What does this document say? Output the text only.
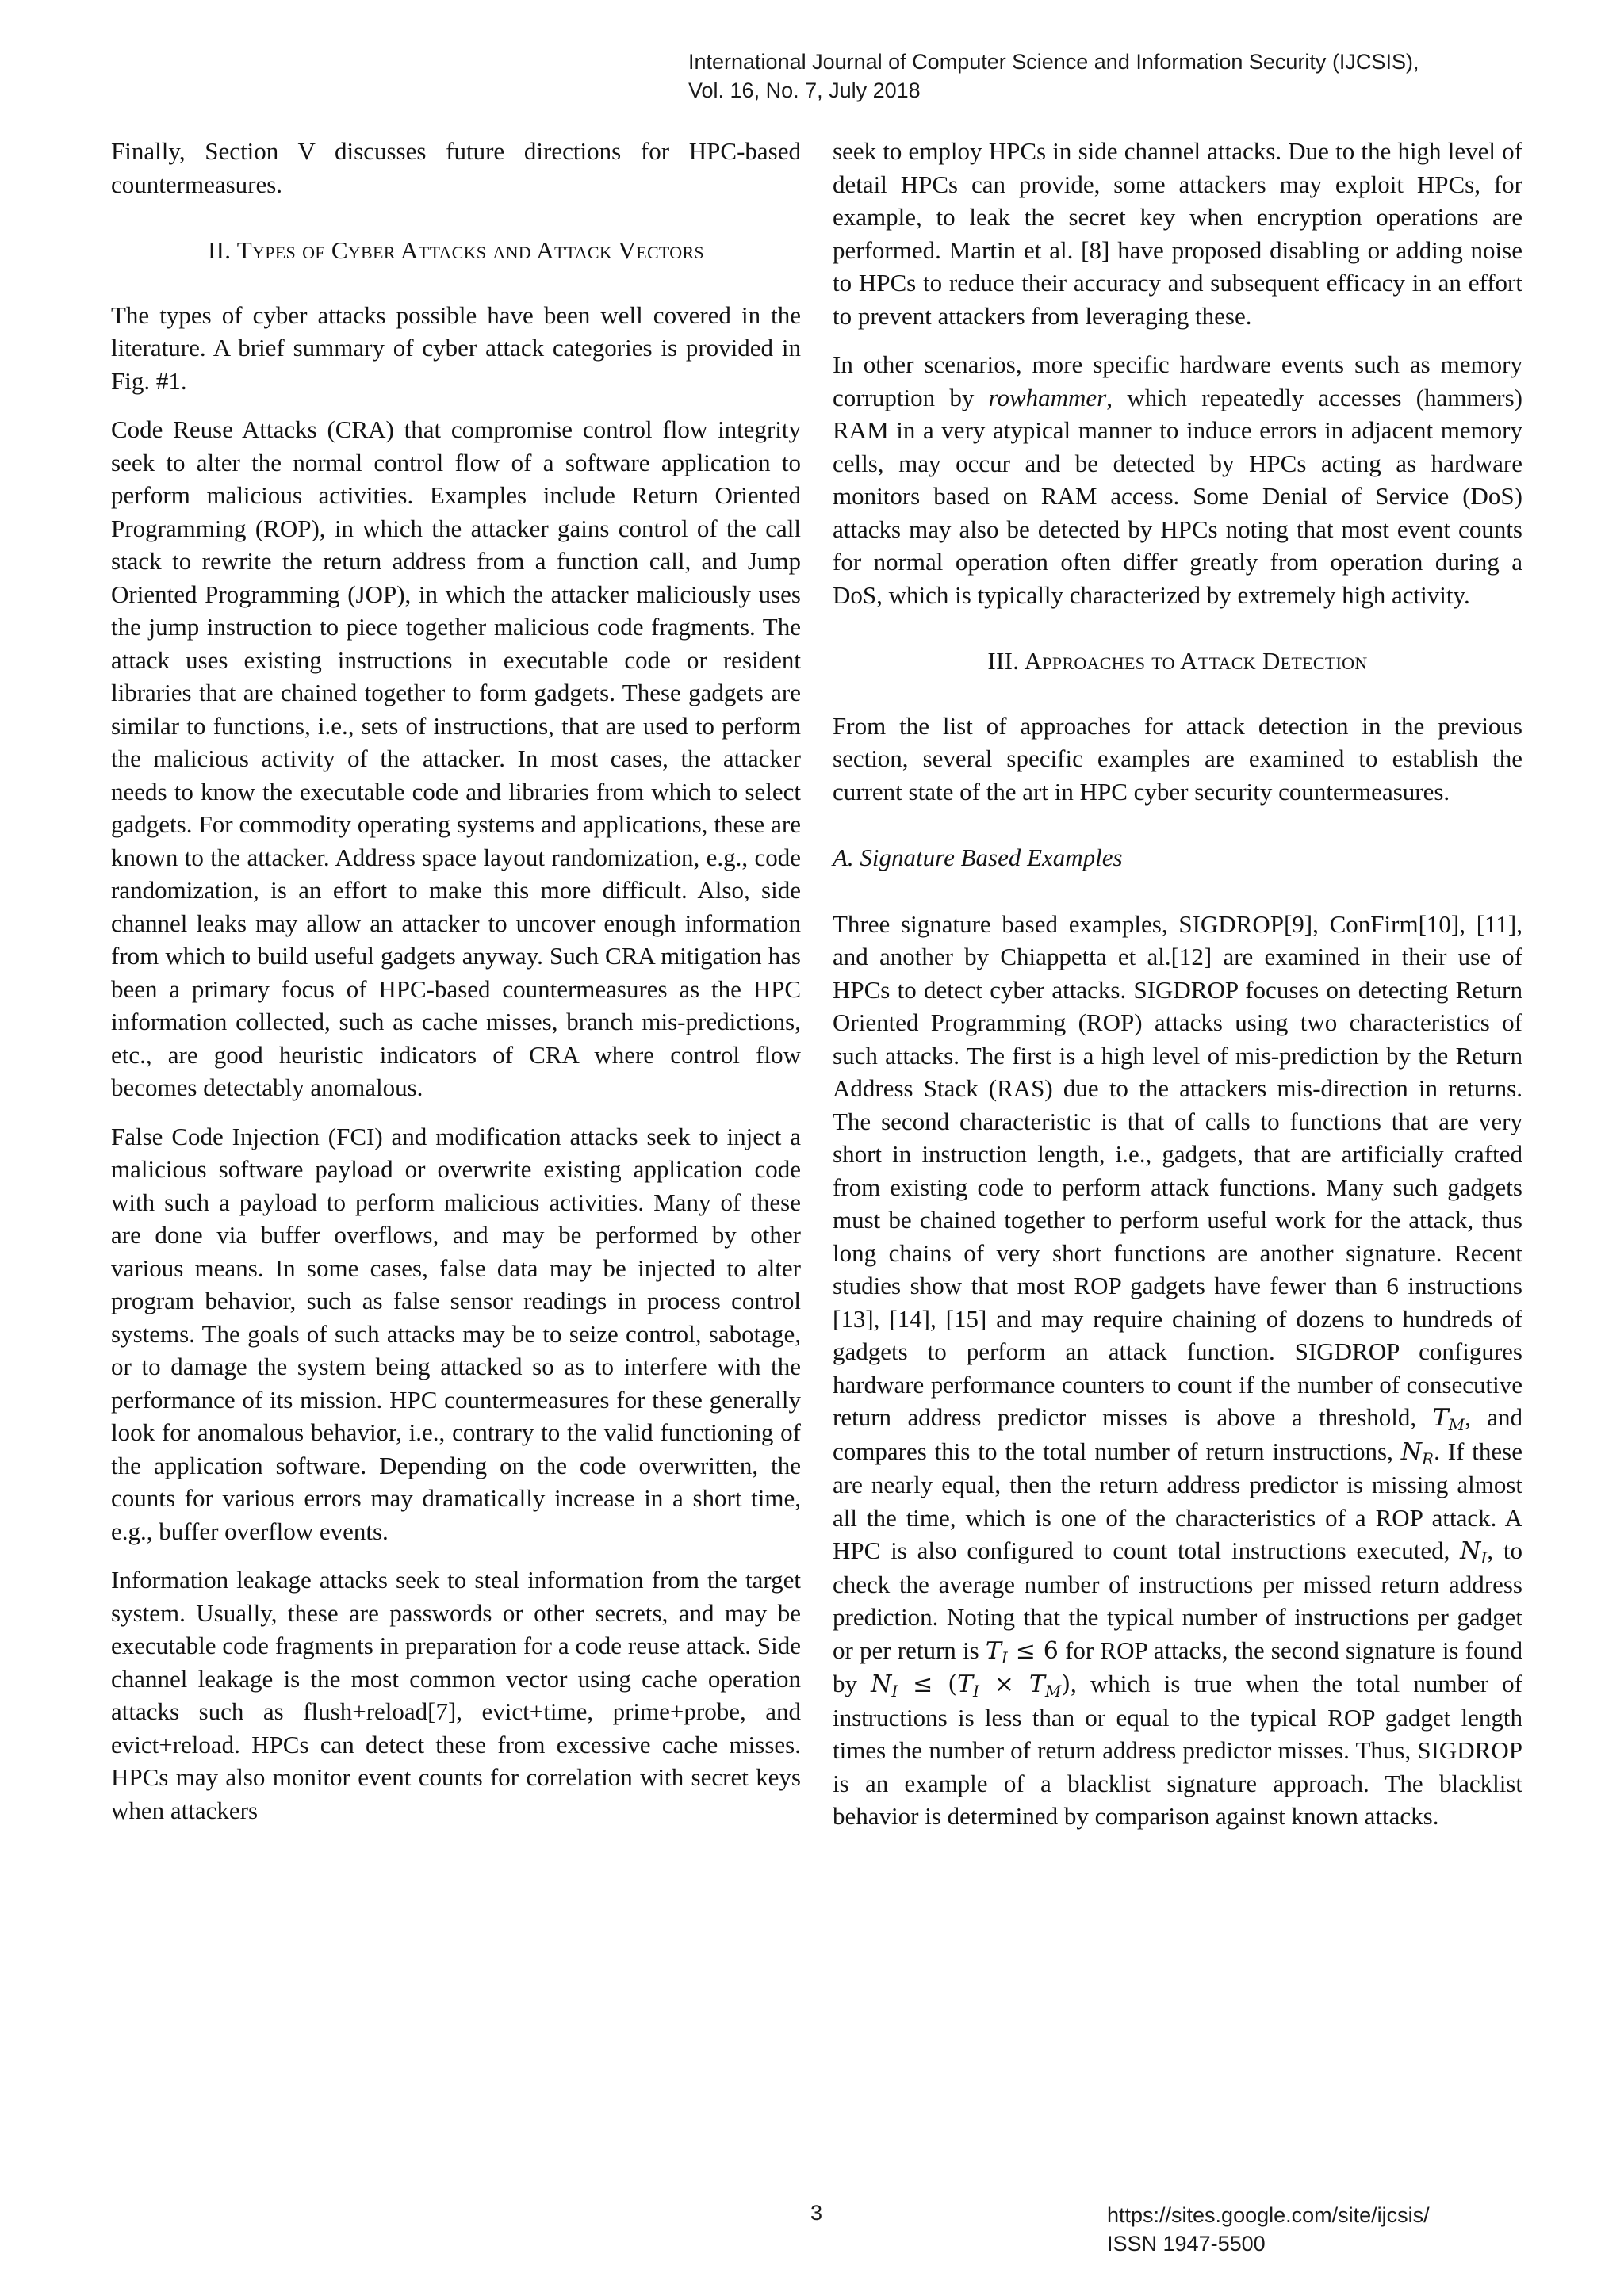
International Journal of Computer Science and Information Security (IJCSIS),
Vol. 16, No. 7, July 2018

Finally, Section V discusses future directions for HPC-based countermeasures.

II. Types of Cyber Attacks and Attack Vectors

The types of cyber attacks possible have been well covered in the literature. A brief summary of cyber attack categories is provided in Fig. #1.

Code Reuse Attacks (CRA) that compromise control flow integrity seek to alter the normal control flow of a software application to perform malicious activities. Examples include Return Oriented Programming (ROP), in which the attacker gains control of the call stack to rewrite the return address from a function call, and Jump Oriented Programming (JOP), in which the attacker maliciously uses the jump instruction to piece together malicious code fragments. The attack uses existing instructions in executable code or resident libraries that are chained together to form gadgets. These gadgets are similar to functions, i.e., sets of instructions, that are used to perform the malicious activity of the attacker. In most cases, the attacker needs to know the executable code and libraries from which to select gadgets. For commodity operating systems and applications, these are known to the attacker. Address space layout randomization, e.g., code randomization, is an effort to make this more difficult. Also, side channel leaks may allow an attacker to uncover enough information from which to build useful gadgets anyway. Such CRA mitigation has been a primary focus of HPC-based countermeasures as the HPC information collected, such as cache misses, branch mis-predictions, etc., are good heuristic indicators of CRA where control flow becomes detectably anomalous.

False Code Injection (FCI) and modification attacks seek to inject a malicious software payload or overwrite existing application code with such a payload to perform malicious activities. Many of these are done via buffer overflows, and may be performed by other various means. In some cases, false data may be injected to alter program behavior, such as false sensor readings in process control systems. The goals of such attacks may be to seize control, sabotage, or to damage the system being attacked so as to interfere with the performance of its mission. HPC countermeasures for these generally look for anomalous behavior, i.e., contrary to the valid functioning of the application software. Depending on the code overwritten, the counts for various errors may dramatically increase in a short time, e.g., buffer overflow events.

Information leakage attacks seek to steal information from the target system. Usually, these are passwords or other secrets, and may be executable code fragments in preparation for a code reuse attack. Side channel leakage is the most common vector using cache operation attacks such as flush+reload[7], evict+time, prime+probe, and evict+reload. HPCs can detect these from excessive cache misses. HPCs may also monitor event counts for correlation with secret keys when attackers

seek to employ HPCs in side channel attacks. Due to the high level of detail HPCs can provide, some attackers may exploit HPCs, for example, to leak the secret key when encryption operations are performed. Martin et al. [8] have proposed disabling or adding noise to HPCs to reduce their accuracy and subsequent efficacy in an effort to prevent attackers from leveraging these.

In other scenarios, more specific hardware events such as memory corruption by rowhammer, which repeatedly accesses (hammers) RAM in a very atypical manner to induce errors in adjacent memory cells, may occur and be detected by HPCs acting as hardware monitors based on RAM access. Some Denial of Service (DoS) attacks may also be detected by HPCs noting that most event counts for normal operation often differ greatly from operation during a DoS, which is typically characterized by extremely high activity.

III. Approaches to Attack Detection

From the list of approaches for attack detection in the previous section, several specific examples are examined to establish the current state of the art in HPC cyber security countermeasures.

A. Signature Based Examples

Three signature based examples, SIGDROP[9], ConFirm[10], [11], and another by Chiappetta et al.[12] are examined in their use of HPCs to detect cyber attacks. SIGDROP focuses on detecting Return Oriented Programming (ROP) attacks using two characteristics of such attacks. The first is a high level of mis-prediction by the Return Address Stack (RAS) due to the attackers mis-direction in returns. The second characteristic is that of calls to functions that are very short in instruction length, i.e., gadgets, that are artificially crafted from existing code to perform attack functions. Many such gadgets must be chained together to perform useful work for the attack, thus long chains of very short functions are another signature. Recent studies show that most ROP gadgets have fewer than 6 instructions [13], [14], [15] and may require chaining of dozens to hundreds of gadgets to perform an attack function. SIGDROP configures hardware performance counters to count if the number of consecutive return address predictor misses is above a threshold, $T_M$, and compares this to the total number of return instructions, $N_R$. If these are nearly equal, then the return address predictor is missing almost all the time, which is one of the characteristics of a ROP attack. A HPC is also configured to count total instructions executed, $N_I$, to check the average number of instructions per missed return address prediction. Noting that the typical number of instructions per gadget or per return is $T_I \le 6$ for ROP attacks, the second signature is found by $N_I \le (T_I \times T_M)$, which is true when the total number of instructions is less than or equal to the typical ROP gadget length times the number of return address predictor misses. Thus, SIGDROP is an example of a blacklist signature approach. The blacklist behavior is determined by comparison against known attacks.

3	https://sites.google.com/site/ijcsis/
ISSN 1947-5500
